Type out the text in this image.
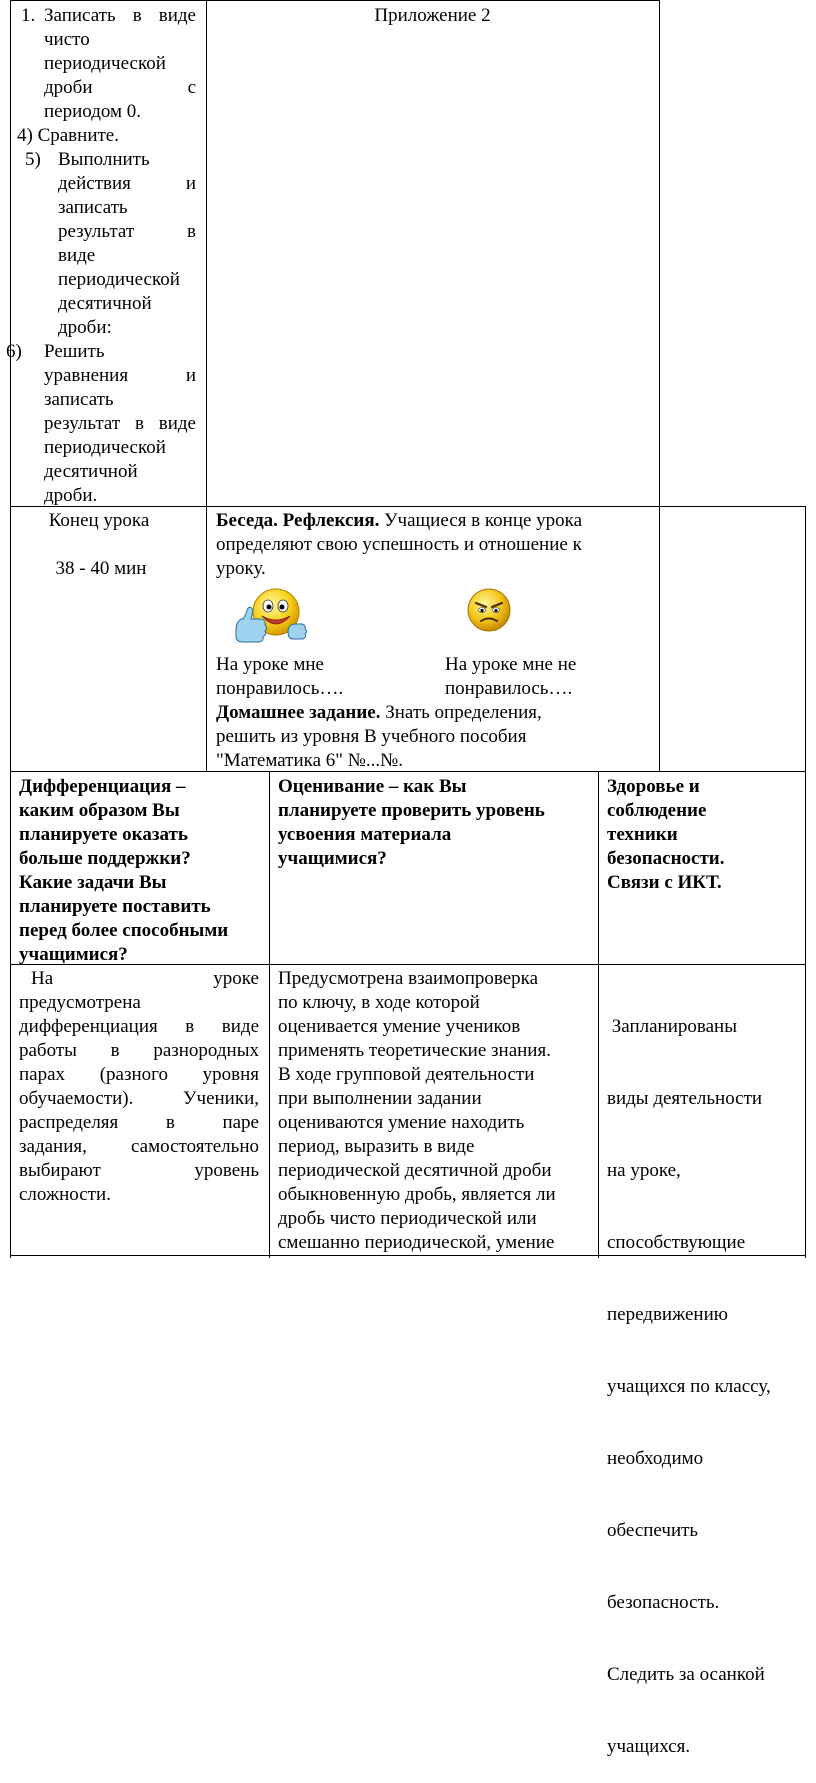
1. Записать в виде
чисто
периодической
дроби с
периодом 0.
4) Сравните.
5) Выполнить
действия и
записать
результат в
виде
периодической
десятичной
дроби:
6) Решить
уравнения и
записать
результат в виде
периодической
десятичной
дроби.
Приложение 2
Конец урока
38 - 40 мин
Беседа. Рефлексия. Учащиеся в конце урока
определяют свою успешность и отношение к
уроку.
На уроке мне
понравилось….
На уроке мне не
понравилось….
Домашнее задание. Знать определения,
решить из уровня В учебного пособия
"Математика 6" №...№.
Дифференциация –
каким образом Вы
планируете оказать
больше поддержки?
Какие задачи Вы
планируете поставить
перед более способными
учащимися?
Оценивание – как Вы
планируете проверить уровень
усвоения материала
учащимися?
Здоровье и
соблюдение
техники
безопасности.
Связи с ИКТ.
На уроке
предусмотрена
дифференциация в виде
работы в разнородных
парах (разного уровня
обучаемости). Ученики,
распределяя в паре
задания, самостоятельно
выбирают уровень
сложности.
Предусмотрена взаимопроверка
по ключу, в ходе которой
оценивается умение учеников
применять теоретические знания.
В ходе групповой деятельности
при выполнении задании
оцениваются умение находить
период, выразить в виде
периодической десятичной дроби
обыкновенную дробь, является ли
дробь чисто периодической или
смешанно периодической, умение

Запланированы

виды деятельности

на уроке,

способствующие

передвижению

учащихся по классу,

необходимо

обеспечить

безопасность.

Следить за осанкой

учащихся.
